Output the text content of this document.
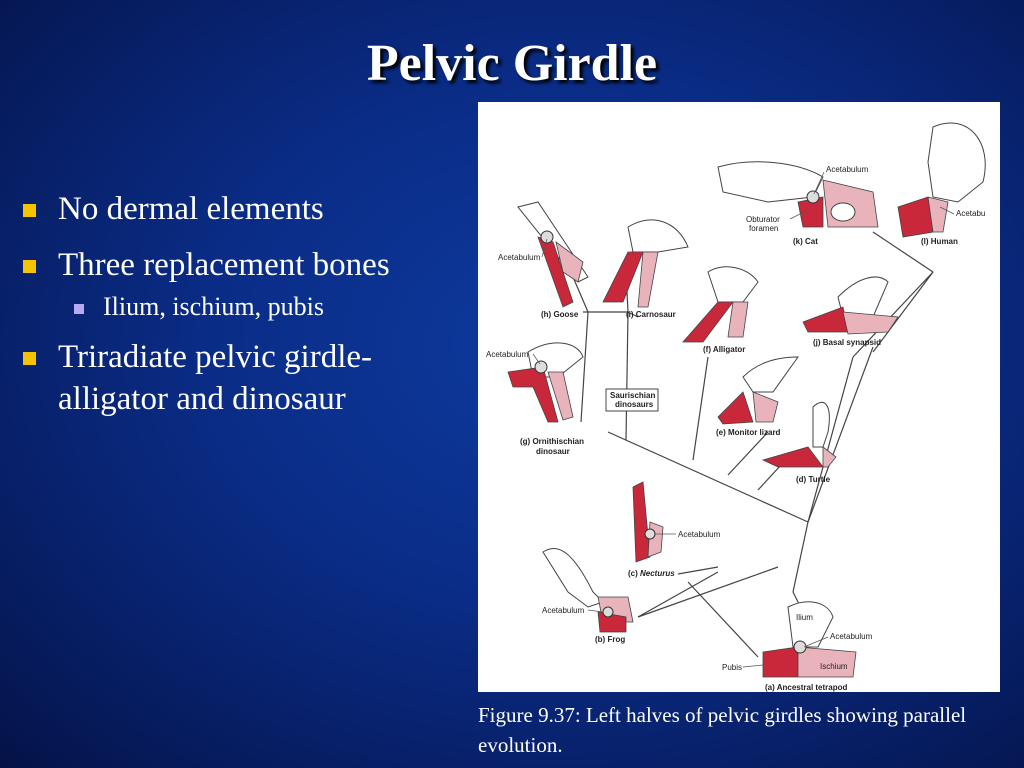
Pelvic Girdle
No dermal elements
Three replacement bones
Ilium, ischium, pubis
Triradiate pelvic girdle-alligator and dinosaur
(h) Goose	(i) Carnosaur
(f) Alligator
(j) Basal synapsid
(k) Cat	(l) Human
(g) Ornithischian
dinosaur
(e) Monitor lizard
(d) Turtle
(c) Necturus
(b) Frog
(a) Ancestral tetrapod
Saurischian
dinosaurs
Acetabulum
Acetabulum
Acetabulum
Acetabu
Acetabulum
Acetabulum
Acetabulum
Obturator
foramen
Ilium
Ischium
Pubis
Figure 9.37: Left halves of pelvic girdles showing parallel evolution.
